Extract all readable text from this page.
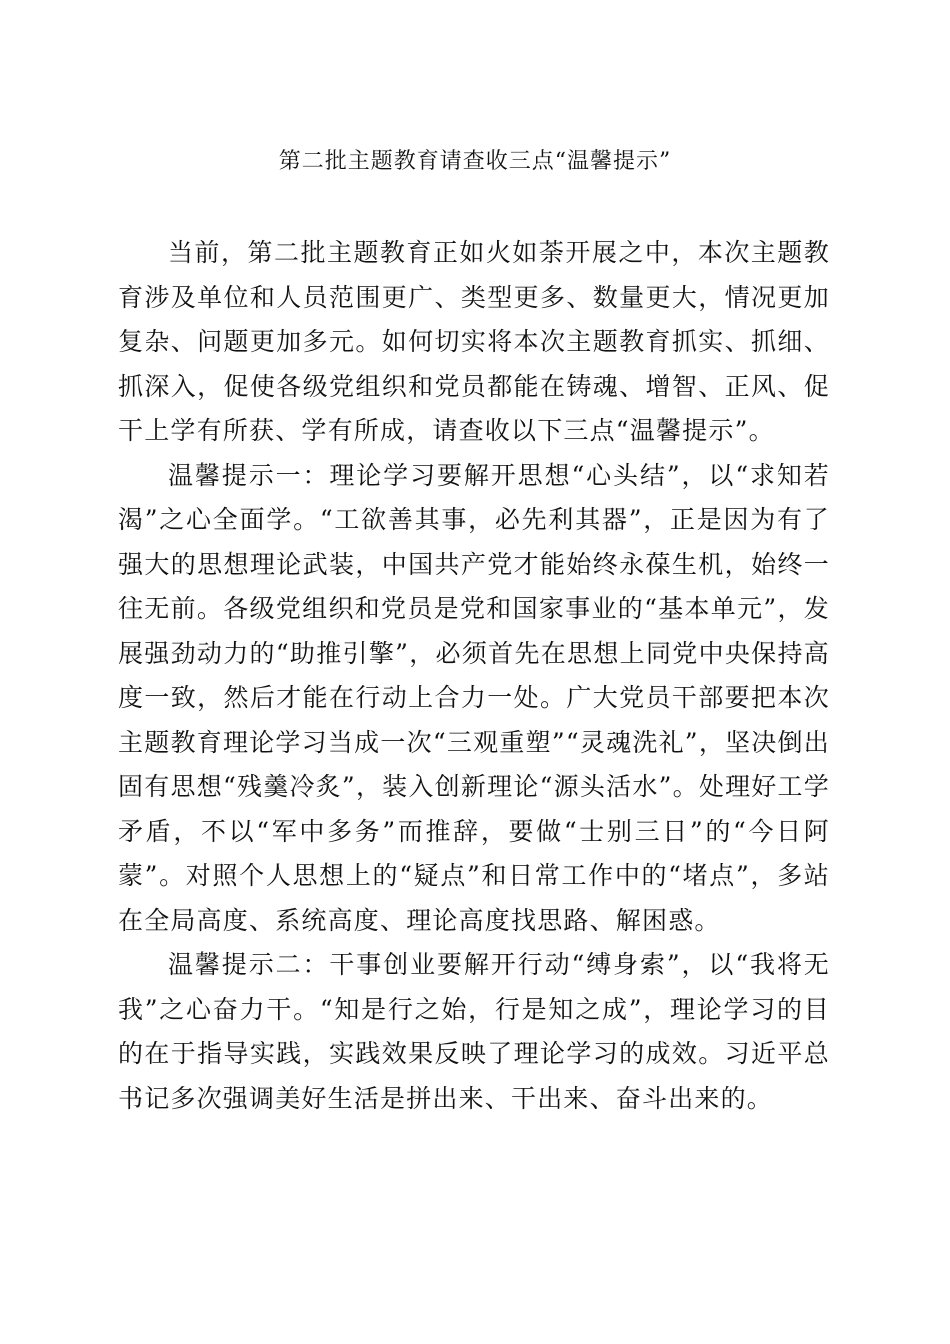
第二批主题教育请查收三点“温馨提示”

当前，第二批主题教育正如火如荼开展之中，本次主题教育涉及单位和人员范围更广、类型更多、数量更大，情况更加复杂、问题更加多元。如何切实将本次主题教育抓实、抓细、抓深入，促使各级党组织和党员都能在铸魂、增智、正风、促干上学有所获、学有所成，请查收以下三点“温馨提示”。

温馨提示一：理论学习要解开思想“心头结”，以“求知若渴”之心全面学。“工欲善其事，必先利其器”，正是因为有了强大的思想理论武装，中国共产党才能始终永葆生机，始终一往无前。各级党组织和党员是党和国家事业的“基本单元”，发展强劲动力的“助推引擎”，必须首先在思想上同党中央保持高度一致，然后才能在行动上合力一处。广大党员干部要把本次主题教育理论学习当成一次“三观重塑”“灵魂洗礼”，坚决倒出固有思想“残羹冷炙”，装入创新理论“源头活水”。处理好工学矛盾，不以“军中多务”而推辞，要做“士别三日”的“今日阿蒙”。对照个人思想上的“疑点”和日常工作中的“堵点”，多站在全局高度、系统高度、理论高度找思路、解困惑。

温馨提示二：干事创业要解开行动“缚身索”，以“我将无我”之心奋力干。“知是行之始，行是知之成”，理论学习的目的在于指导实践，实践效果反映了理论学习的成效。习近平总书记多次强调美好生活是拼出来、干出来、奋斗出来的。
